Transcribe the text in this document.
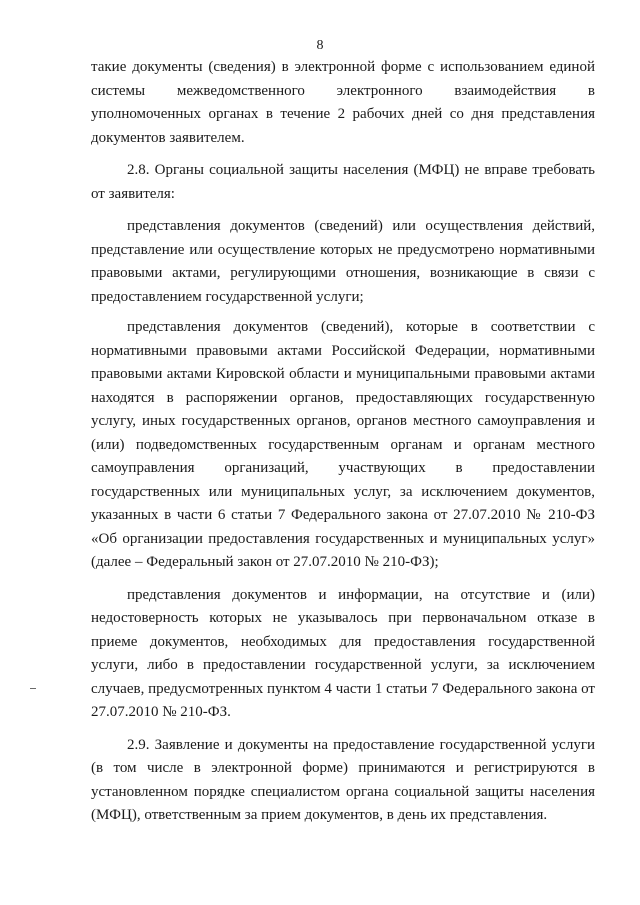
8

такие документы (сведения) в электронной форме с использованием единой системы межведомственного электронного взаимодействия в уполномоченных органах в течение 2 рабочих дней со дня представления документов заявителем.

2.8. Органы социальной защиты населения (МФЦ) не вправе требовать от заявителя:

представления документов (сведений) или осуществления действий, представление или осуществление которых не предусмотрено нормативными правовыми актами, регулирующими отношения, возникающие в связи с предоставлением государственной услуги;

представления документов (сведений), которые в соответствии с нормативными правовыми актами Российской Федерации, нормативными правовыми актами Кировской области и муниципальными правовыми актами находятся в распоряжении органов, предоставляющих государственную услугу, иных государственных органов, органов местного самоуправления и (или) подведомственных государственным органам и органам местного самоуправления организаций, участвующих в предоставлении государственных или муниципальных услуг, за исключением документов, указанных в части 6 статьи 7 Федерального закона от 27.07.2010 № 210-ФЗ «Об организации предоставления государственных и муниципальных услуг» (далее – Федеральный закон от 27.07.2010 № 210-ФЗ);

представления документов и информации, на отсутствие и (или) недостоверность которых не указывалось при первоначальном отказе в приеме документов, необходимых для предоставления государственной услуги, либо в предоставлении государственной услуги, за исключением случаев, предусмотренных пунктом 4 части 1 статьи 7 Федерального закона от 27.07.2010 № 210-ФЗ.

2.9. Заявление и документы на предоставление государственной услуги (в том числе в электронной форме) принимаются и регистрируются в установленном порядке специалистом органа социальной защиты населения (МФЦ), ответственным за прием документов, в день их представления.
